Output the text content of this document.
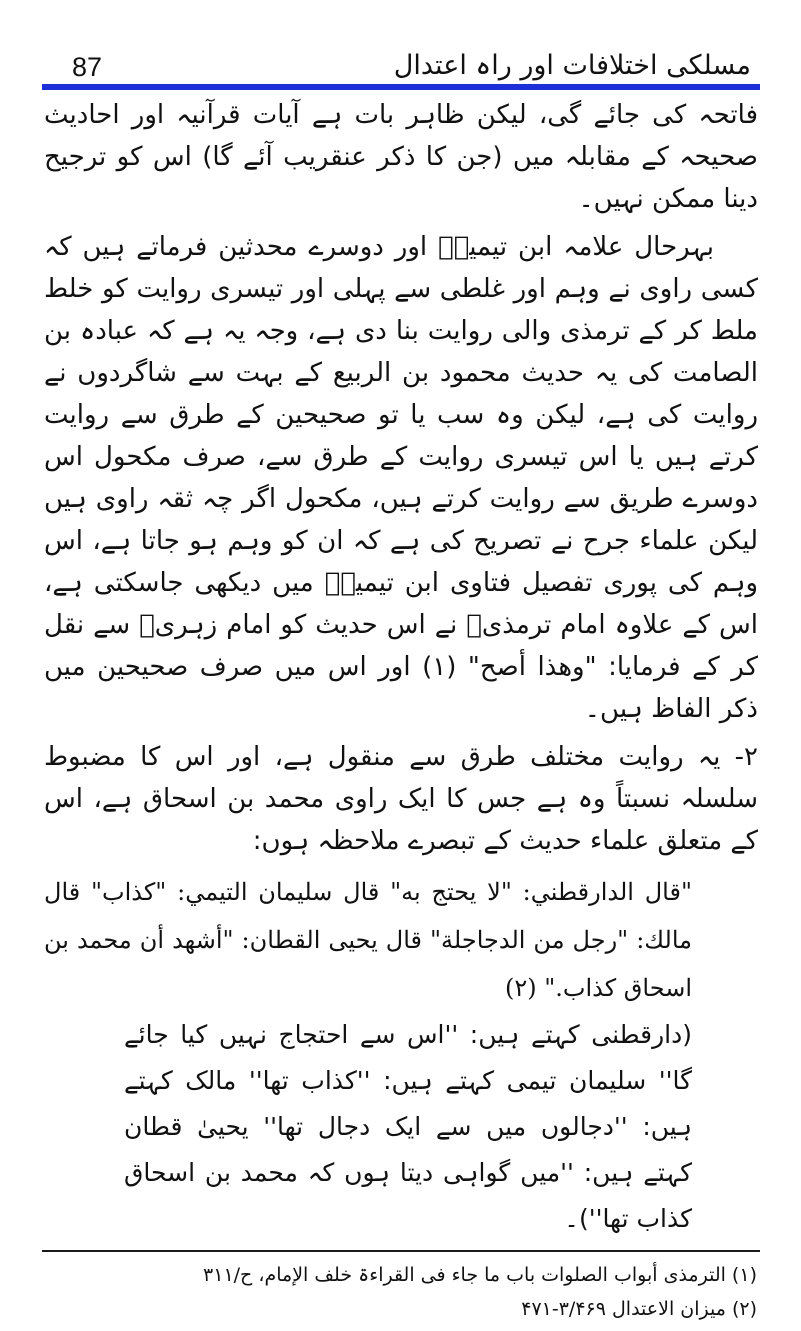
87	مسلکی اختلافات اور راہ اعتدال

فاتحہ کی جائے گی، لیکن ظاہر بات ہے آیات قرآنیہ اور احادیث صحیحہ کے مقابلہ میں (جن کا ذکر عنقریب آئے گا) اس کو ترجیح دینا ممکن نہیں۔

بہرحال علامہ ابن تیمیہؒ اور دوسرے محدثین فرماتے ہیں کہ کسی راوی نے وہم اور غلطی سے پہلی اور تیسری روایت کو خلط ملط کر کے ترمذی والی روایت بنا دی ہے، وجہ یہ ہے کہ عبادہ بن الصامت کی یہ حدیث محمود بن الربیع کے بہت سے شاگردوں نے روایت کی ہے، لیکن وہ سب یا تو صحیحین کے طرق سے روایت کرتے ہیں یا اس تیسری روایت کے طرق سے، صرف مکحول اس دوسرے طریق سے روایت کرتے ہیں، مکحول اگر چہ ثقہ راوی ہیں لیکن علماء جرح نے تصریح کی ہے کہ ان کو وہم ہو جاتا ہے، اس وہم کی پوری تفصیل فتاوی ابن تیمیہؒ میں دیکھی جاسکتی ہے، اس کے علاوہ امام ترمذیؒ نے اس حدیث کو امام زہریؒ سے نقل کر کے فرمایا: "وھذا أصح" (۱) اور اس میں صرف صحیحین میں ذکر الفاظ ہیں۔

۲- یہ روایت مختلف طرق سے منقول ہے، اور اس کا مضبوط سلسلہ نسبتاً وہ ہے جس کا ایک راوی محمد بن اسحاق ہے، اس کے متعلق علماء حدیث کے تبصرے ملاحظہ ہوں:

"قال الدارقطني: "لا يحتج به" قال سليمان التيمي: "كذاب" قال مالك: "رجل من الدجاجلة" قال يحيى القطان: "أشهد أن محمد بن اسحاق كذاب." (۲)

(دارقطنی کہتے ہیں: ''اس سے احتجاج نہیں کیا جائے گا'' سلیمان تیمی کہتے ہیں: ''کذاب تھا'' مالک کہتے ہیں: ''دجالوں میں سے ایک دجال تھا'' یحییٰ قطان کہتے ہیں: ''میں گواہی دیتا ہوں کہ محمد بن اسحاق کذاب تھا'')۔

(۱) الترمذی أبواب الصلوات باب ما جاء فی القراءۃ خلف الإمام، ح/۳۱۱
(۲) میزان الاعتدال ۳/۴۶۹-۴۷۱
